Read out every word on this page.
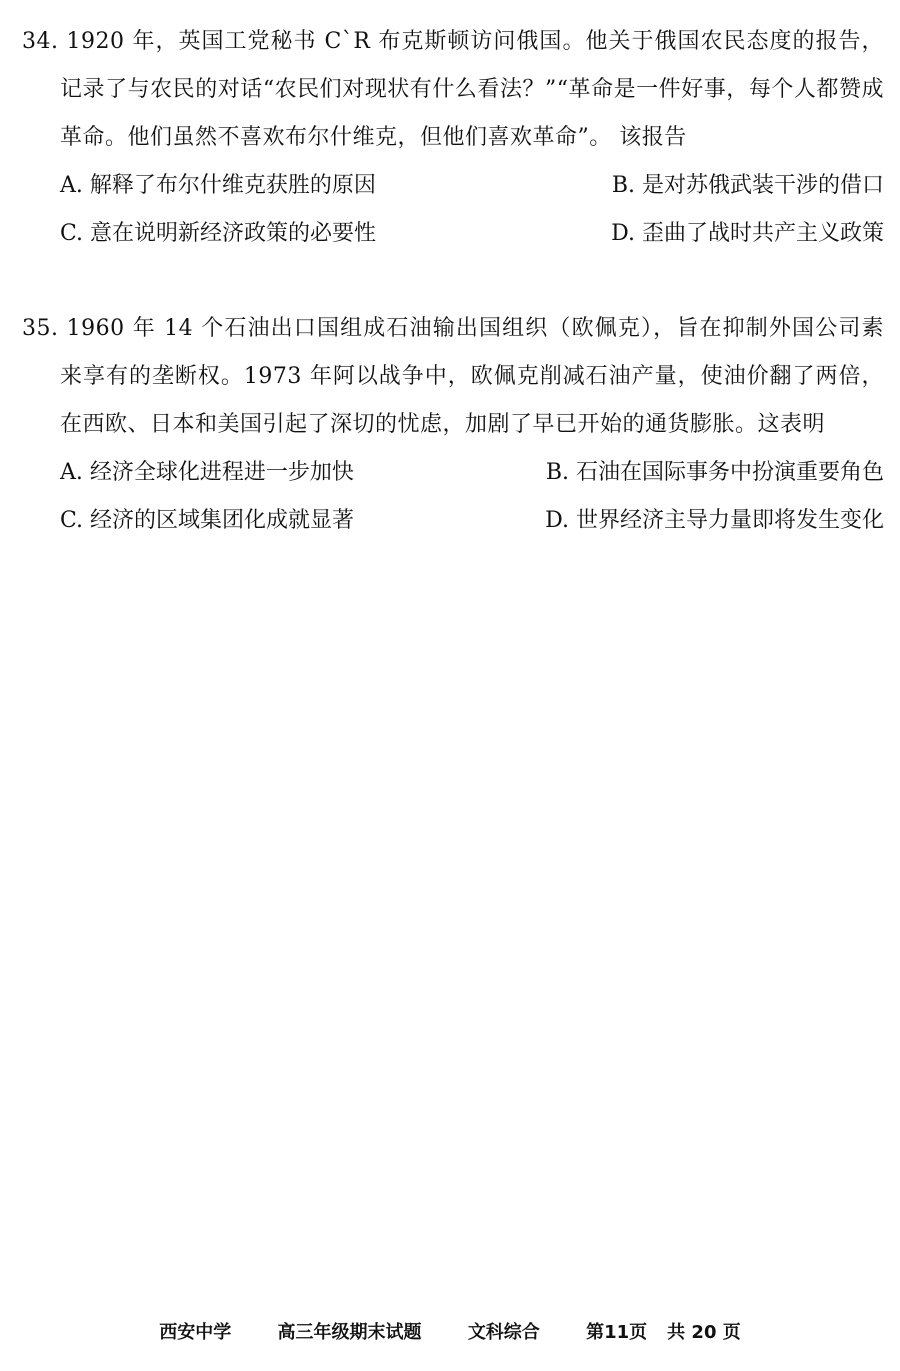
34. 1920 年，英国工党秘书 C`R 布克斯顿访问俄国。他关于俄国农民态度的报告，记录了与农民的对话“农民们对现状有什么看法？”“革命是一件好事，每个人都赞成革命。他们虽然不喜欢布尔什维克，但他们喜欢革命”。 该报告
A. 解释了布尔什维克获胜的原因	B. 是对苏俄武装干涉的借口
C. 意在说明新经济政策的必要性	D. 歪曲了战时共产主义政策
35. 1960 年 14 个石油出口国组成石油输出国组织（欧佩克），旨在抑制外国公司素来享有的垄断权。1973 年阿以战争中，欧佩克削减石油产量，使油价翻了两倍，在西欧、日本和美国引起了深切的忧虑，加剧了早已开始的通货膨胀。这表明
A. 经济全球化进程进一步加快	B. 石油在国际事务中扮演重要角色
C. 经济的区域集团化成就显著	D. 世界经济主导力量即将发生变化
西安中学	高三年级期末试题	文科综合	第11页 共 20 页
